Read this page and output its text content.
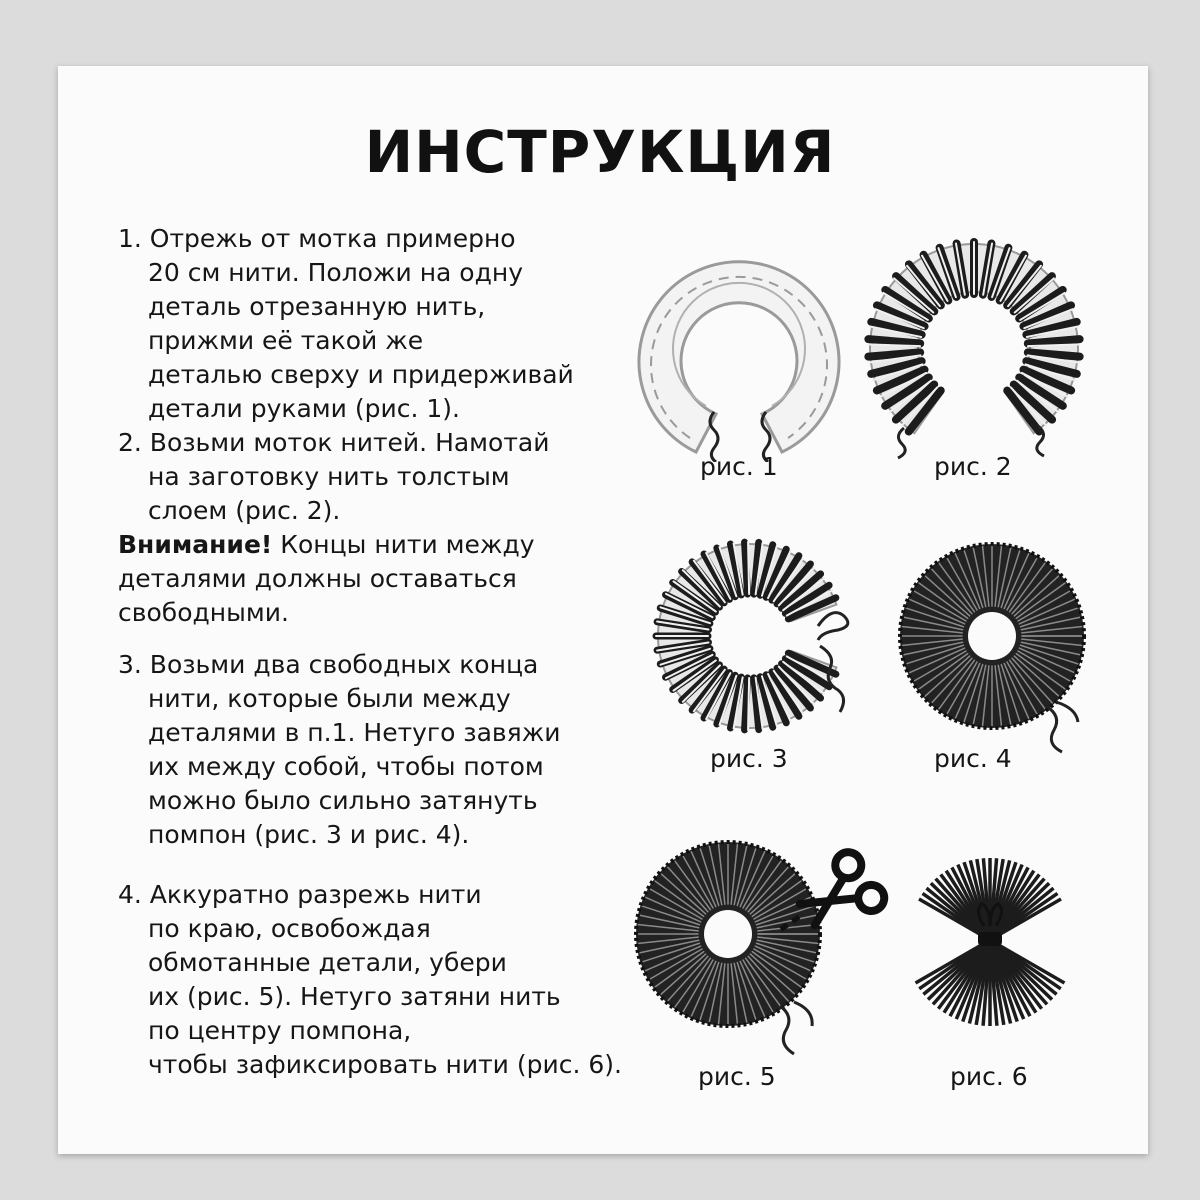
ИНСТРУКЦИЯ

1. Отрежь от мотка примерно
20 см нити. Положи на одну
деталь отрезанную нить,
прижми её такой же
деталью сверху и придерживай
детали руками (рис. 1).

2. Возьми моток нитей. Намотай
на заготовку нить толстым
слоем (рис. 2).

Внимание! Концы нити между
деталями должны оставаться
свободными.

3. Возьми два свободных конца
нити, которые были между
деталями в п.1. Нетуго завяжи
их между собой, чтобы потом
можно было сильно затянуть
помпон (рис. 3 и рис. 4).

4. Аккуратно разрежь нити
по краю, освобождая
обмотанные детали, убери
их (рис. 5). Нетуго затяни нить
по центру помпона,
чтобы зафиксировать нити (рис. 6).

рис. 1	рис. 2
рис. 3	рис. 4
рис. 5	рис. 6
